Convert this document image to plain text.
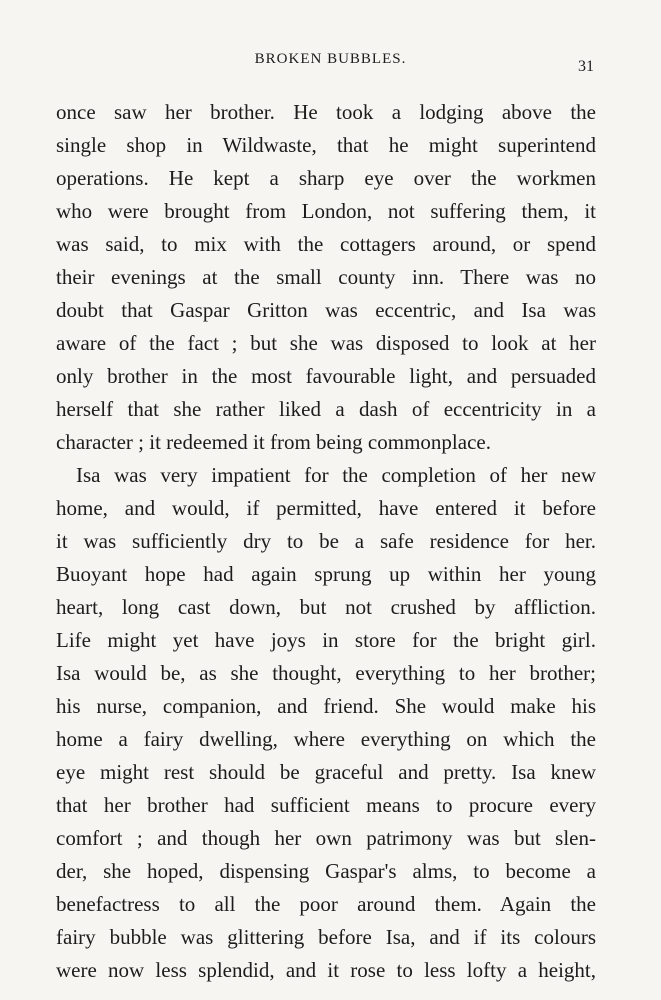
BROKEN BUBBLES.	31
once saw her brother. He took a lodging above the
single shop in Wildwaste, that he might superintend
operations. He kept a sharp eye over the workmen
who were brought from London, not suffering them, it
was said, to mix with the cottagers around, or spend
their evenings at the small county inn. There was no
doubt that Gaspar Gritton was eccentric, and Isa was
aware of the fact ; but she was disposed to look at her
only brother in the most favourable light, and persuaded
herself that she rather liked a dash of eccentricity in a
character ; it redeemed it from being commonplace.
Isa was very impatient for the completion of her new
home, and would, if permitted, have entered it before
it was sufficiently dry to be a safe residence for her.
Buoyant hope had again sprung up within her young
heart, long cast down, but not crushed by affliction.
Life might yet have joys in store for the bright girl.
Isa would be, as she thought, everything to her brother;
his nurse, companion, and friend. She would make his
home a fairy dwelling, where everything on which the
eye might rest should be graceful and pretty. Isa knew
that her brother had sufficient means to procure every
comfort ; and though her own patrimony was but slen-
der, she hoped, dispensing Gaspar's alms, to become a
benefactress to all the poor around them. Again the
fairy bubble was glittering before Isa, and if its colours
were now less splendid, and it rose to less lofty a height,
